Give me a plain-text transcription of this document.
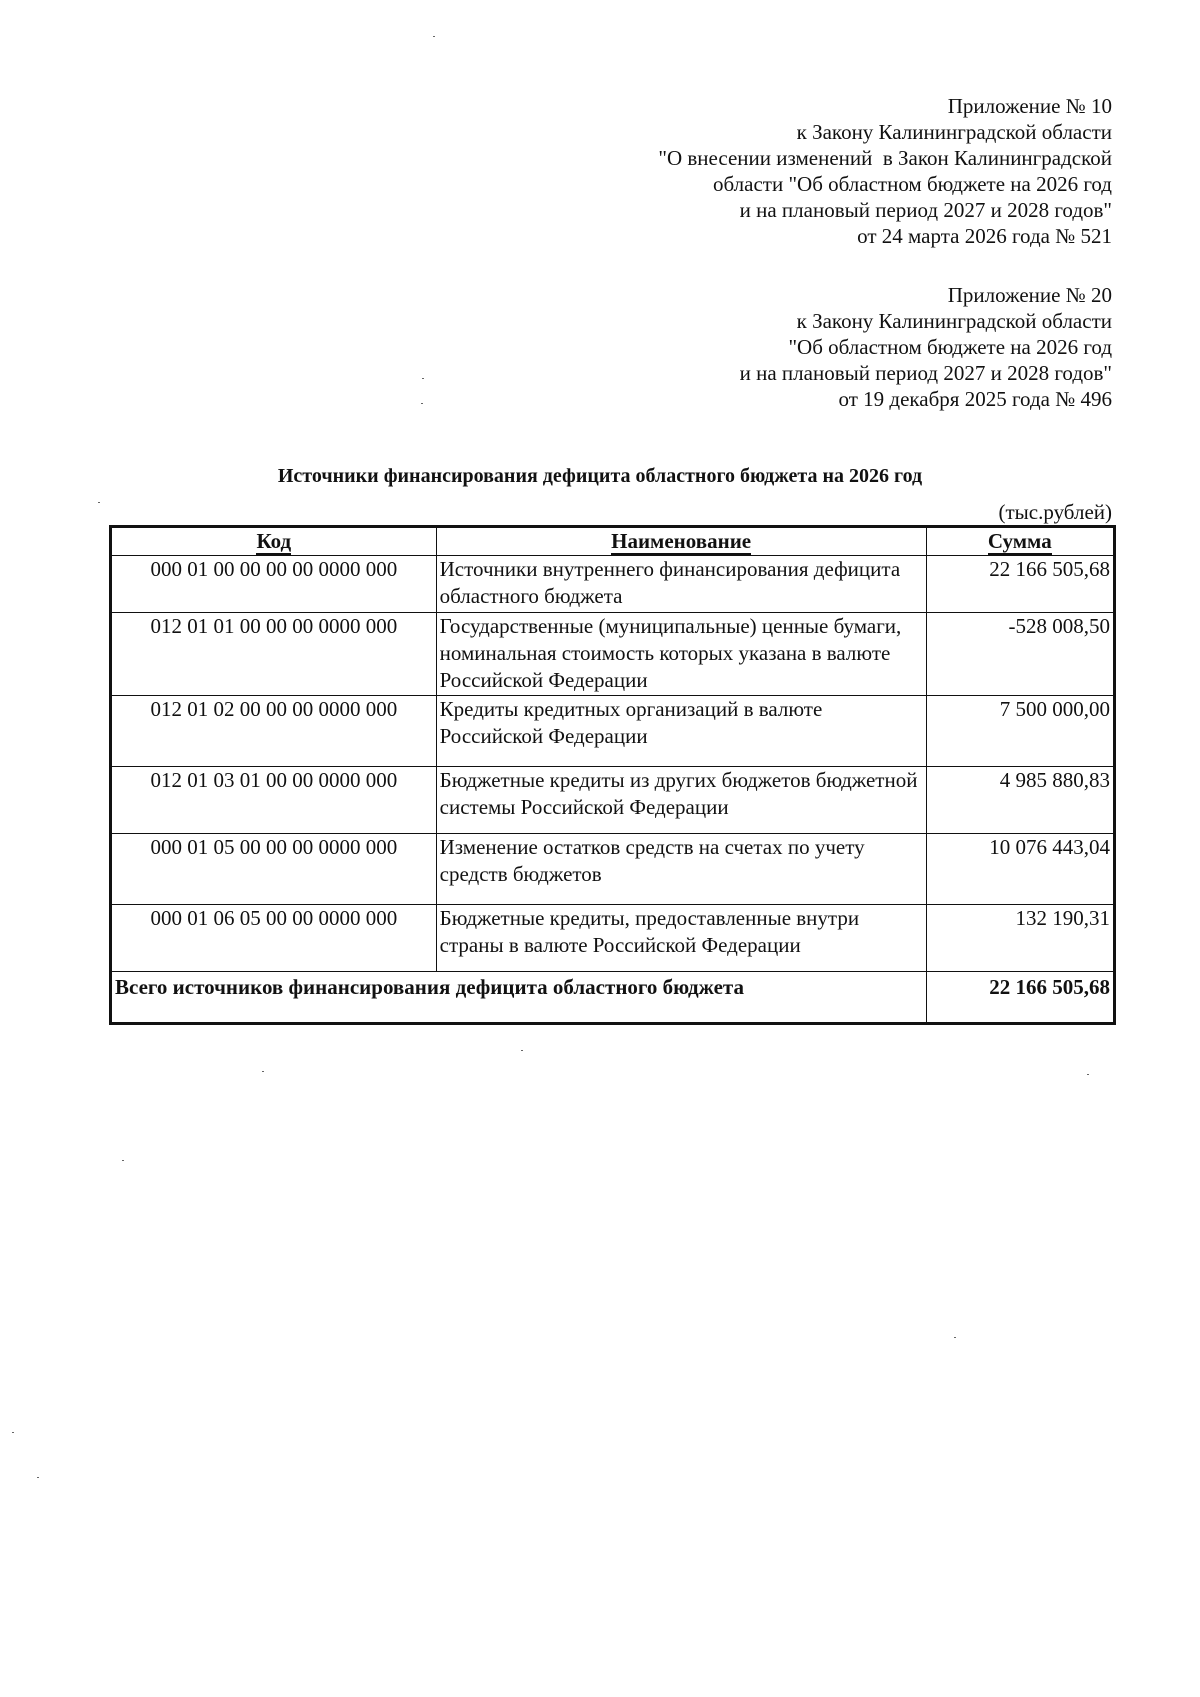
Приложение № 10
к Закону Калининградской области
"О внесении изменений  в Закон Калининградской
области "Об областном бюджете на 2026 год
и на плановый период 2027 и 2028 годов"
от 24 марта 2026 года № 521
Приложение № 20
к Закону Калининградской области
"Об областном бюджете на 2026 год
и на плановый период 2027 и 2028 годов"
от 19 декабря 2025 года № 496
Источники финансирования дефицита областного бюджета на 2026 год
(тыс.рублей)
Код	Наименование	Сумма
000 01 00 00 00 00 0000 000	Источники внутреннего финансирования дефицита областного бюджета	22 166 505,68
012 01 01 00 00 00 0000 000	Государственные (муниципальные) ценные бумаги, номинальная стоимость которых указана в валюте Российской Федерации	-528 008,50
012 01 02 00 00 00 0000 000	Кредиты кредитных организаций в валюте Российской Федерации	7 500 000,00
012 01 03 01 00 00 0000 000	Бюджетные кредиты из других бюджетов бюджетной системы Российской Федерации	4 985 880,83
000 01 05 00 00 00 0000 000	Изменение остатков средств на счетах по учету средств бюджетов	10 076 443,04
000 01 06 05 00 00 0000 000	Бюджетные кредиты, предоставленные внутри страны в валюте Российской Федерации	132 190,31
Всего источников финансирования дефицита областного бюджета		22 166 505,68
